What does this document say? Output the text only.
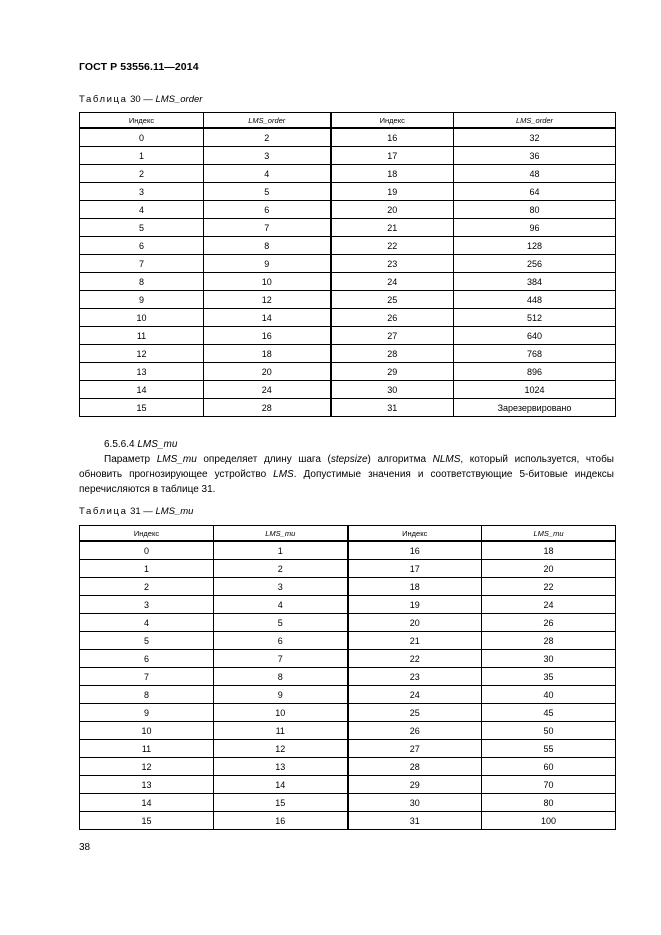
ГОСТ Р 53556.11—2014
Таблица 30 — LMS_order
Индекс	LMS_order	Индекс	LMS_order
0	2	16	32
1	3	17	36
2	4	18	48
3	5	19	64
4	6	20	80
5	7	21	96
6	8	22	128
7	9	23	256
8	10	24	384
9	12	25	448
10	14	26	512
11	16	27	640
12	18	28	768
13	20	29	896
14	24	30	1024
15	28	31	Зарезервировано
6.5.6.4 LMS_mu

Параметр LMS_mu определяет длину шага (stepsize) алгоритма NLMS, который используется, чтобы обновить прогнозирующее устройство LMS. Допустимые значения и соответствующие 5-битовые индексы перечисляются в таблице 31.

Таблица 31 — LMS_mu
Индекс	LMS_mu	Индекс	LMS_mu
0	1	16	18
1	2	17	20
2	3	18	22
3	4	19	24
4	5	20	26
5	6	21	28
6	7	22	30
7	8	23	35
8	9	24	40
9	10	25	45
10	11	26	50
11	12	27	55
12	13	28	60
13	14	29	70
14	15	30	80
15	16	31	100
38
